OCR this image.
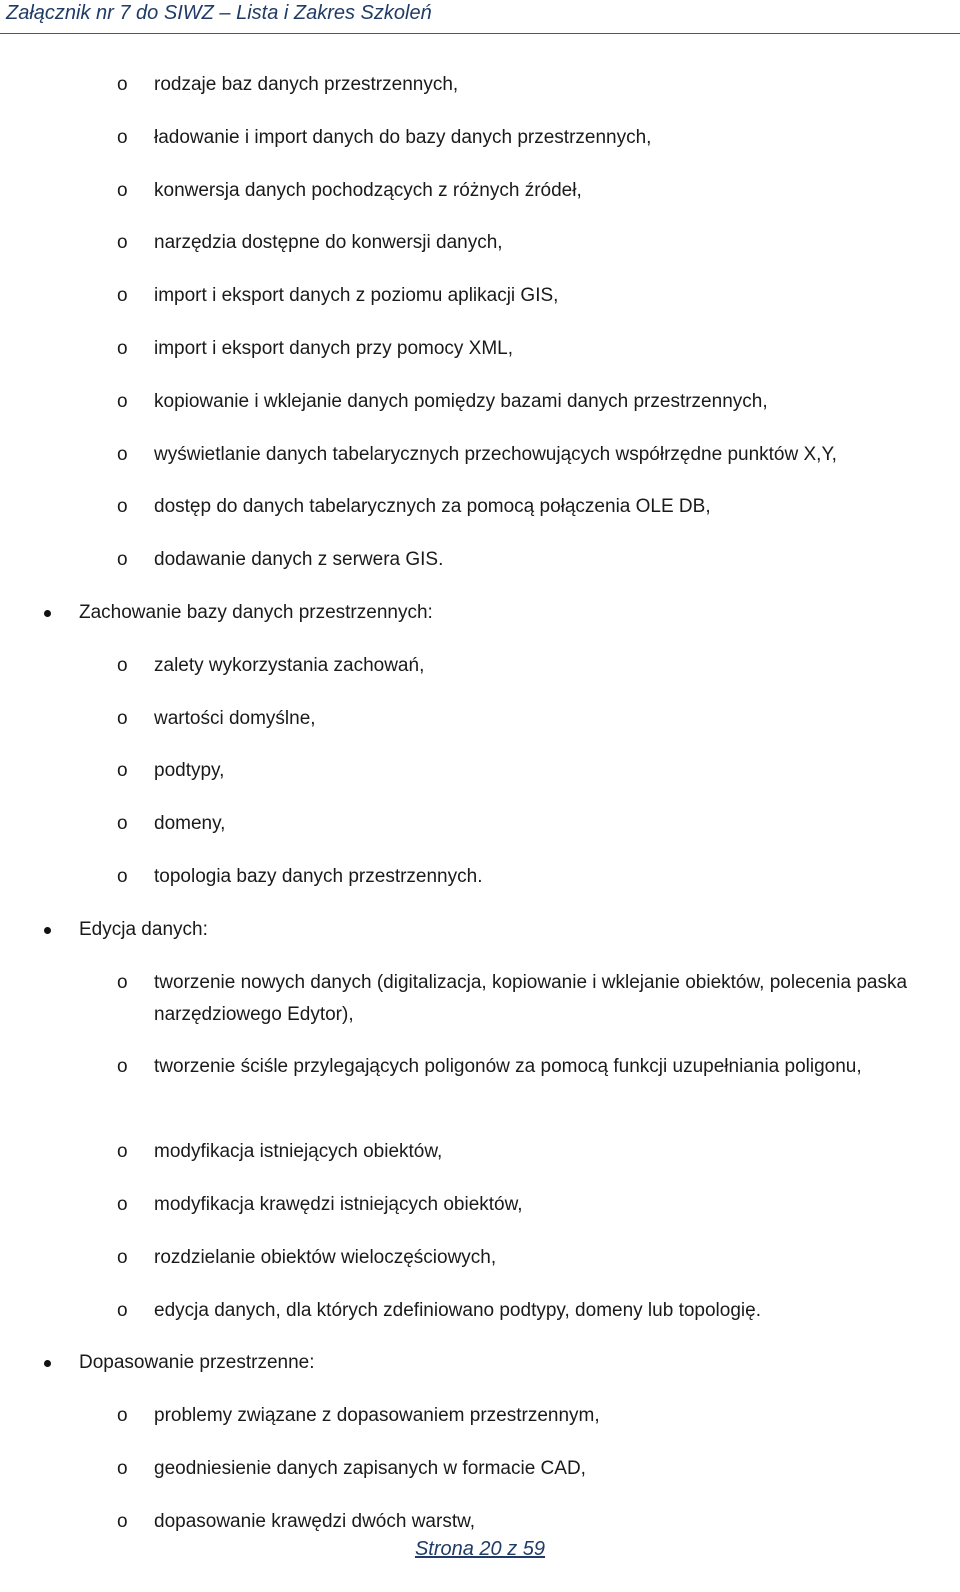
Załącznik nr 7 do SIWZ – Lista i Zakres Szkoleń
o rodzaje baz danych przestrzennych,
o ładowanie i import danych do bazy danych przestrzennych,
o konwersja danych pochodzących z różnych źródeł,
o narzędzia dostępne do konwersji danych,
o import i eksport danych z poziomu aplikacji GIS,
o import i eksport danych przy pomocy XML,
o kopiowanie i wklejanie danych pomiędzy bazami danych przestrzennych,
o wyświetlanie danych tabelarycznych przechowujących współrzędne punktów X,Y,
o dostęp do danych tabelarycznych za pomocą połączenia OLE DB,
o dodawanie danych z serwera GIS.
Zachowanie bazy danych przestrzennych:
o zalety wykorzystania zachowań,
o wartości domyślne,
o podtypy,
o domeny,
o topologia bazy danych przestrzennych.
Edycja danych:
o tworzenie nowych danych (digitalizacja, kopiowanie i wklejanie obiektów, polecenia paska narzędziowego Edytor),
o tworzenie ściśle przylegających poligonów za pomocą funkcji uzupełniania poligonu,
o modyfikacja istniejących obiektów,
o modyfikacja krawędzi istniejących obiektów,
o rozdzielanie obiektów wieloczęściowych,
o edycja danych, dla których zdefiniowano podtypy, domeny lub topologię.
Dopasowanie przestrzenne:
o problemy związane z dopasowaniem przestrzennym,
o geodniesienie danych zapisanych w formacie CAD,
o dopasowanie krawędzi dwóch warstw,
Strona 20 z 59
